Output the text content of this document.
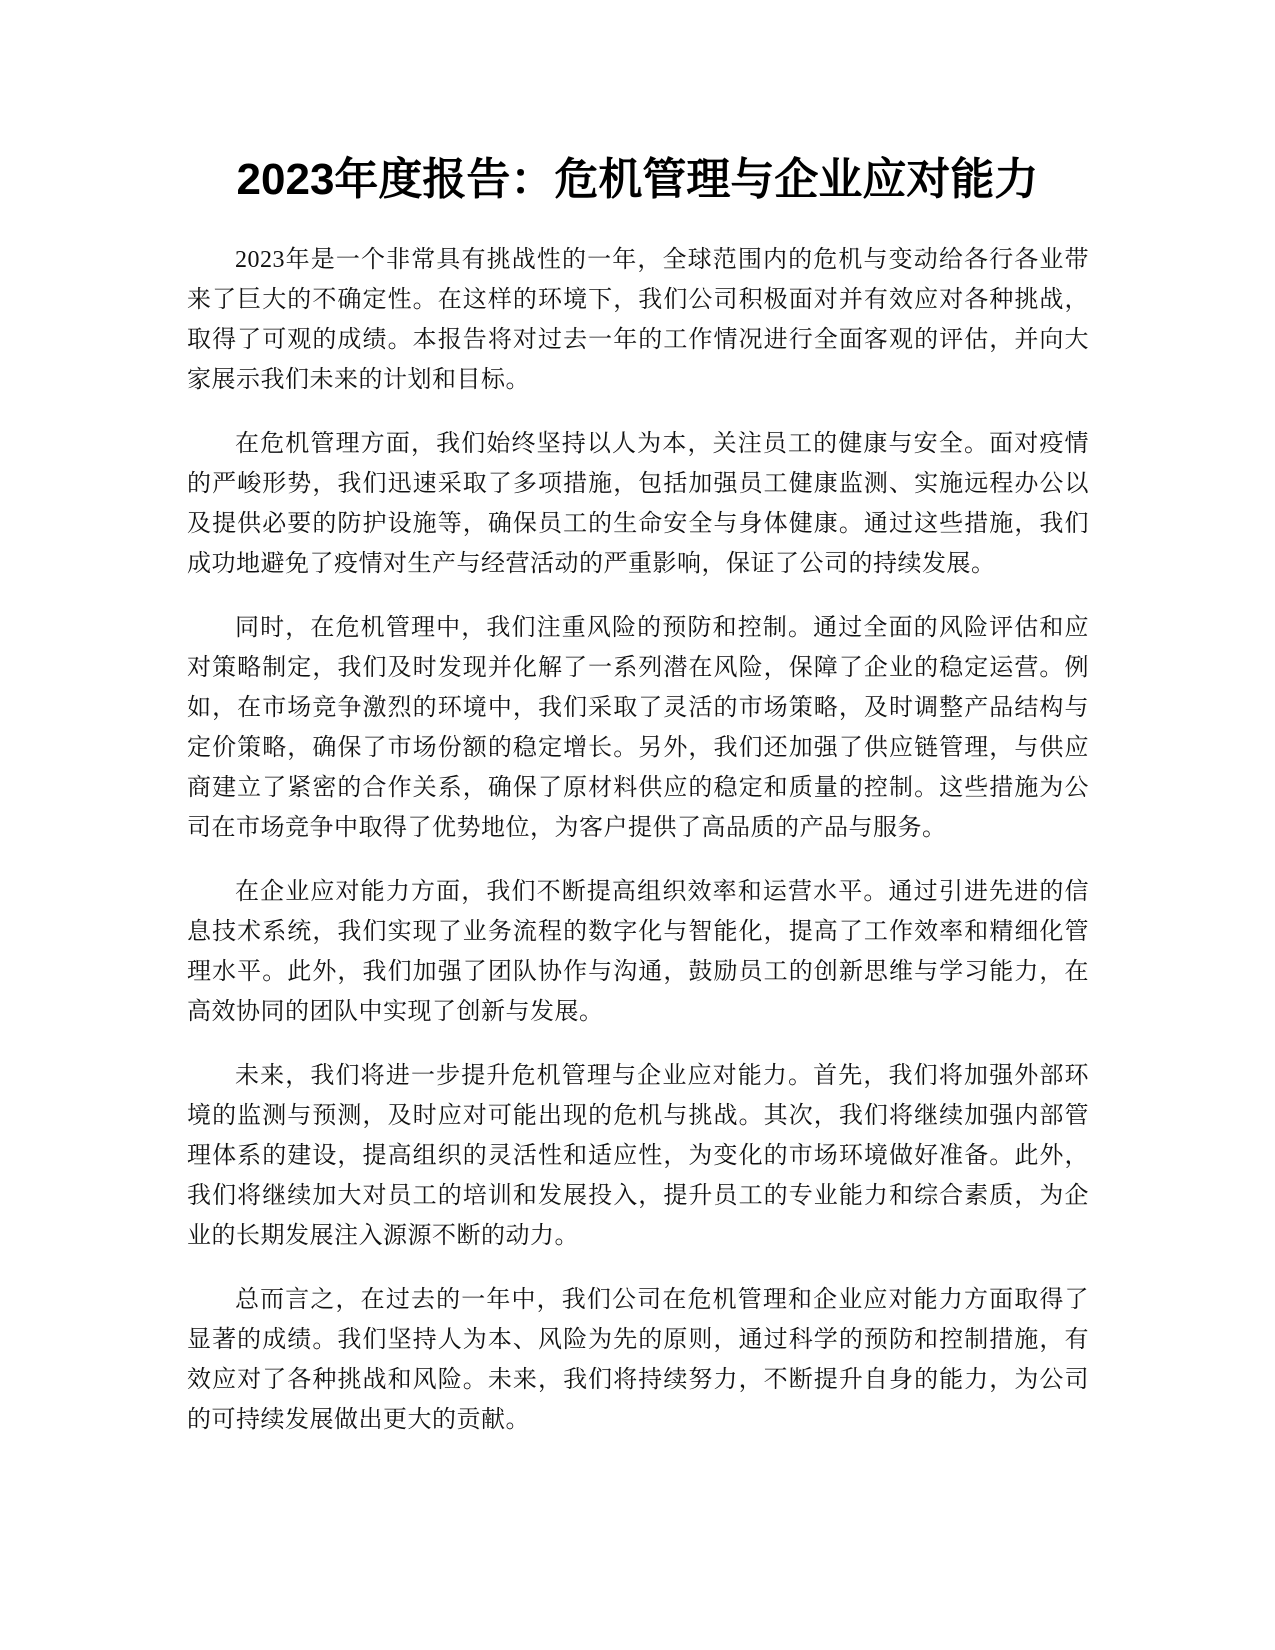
2023年度报告：危机管理与企业应对能力

2023年是一个非常具有挑战性的一年，全球范围内的危机与变动给各行各业带来了巨大的不确定性。在这样的环境下，我们公司积极面对并有效应对各种挑战，取得了可观的成绩。本报告将对过去一年的工作情况进行全面客观的评估，并向大家展示我们未来的计划和目标。

在危机管理方面，我们始终坚持以人为本，关注员工的健康与安全。面对疫情的严峻形势，我们迅速采取了多项措施，包括加强员工健康监测、实施远程办公以及提供必要的防护设施等，确保员工的生命安全与身体健康。通过这些措施，我们成功地避免了疫情对生产与经营活动的严重影响，保证了公司的持续发展。

同时，在危机管理中，我们注重风险的预防和控制。通过全面的风险评估和应对策略制定，我们及时发现并化解了一系列潜在风险，保障了企业的稳定运营。例如，在市场竞争激烈的环境中，我们采取了灵活的市场策略，及时调整产品结构与定价策略，确保了市场份额的稳定增长。另外，我们还加强了供应链管理，与供应商建立了紧密的合作关系，确保了原材料供应的稳定和质量的控制。这些措施为公司在市场竞争中取得了优势地位，为客户提供了高品质的产品与服务。

在企业应对能力方面，我们不断提高组织效率和运营水平。通过引进先进的信息技术系统，我们实现了业务流程的数字化与智能化，提高了工作效率和精细化管理水平。此外，我们加强了团队协作与沟通，鼓励员工的创新思维与学习能力，在高效协同的团队中实现了创新与发展。

未来，我们将进一步提升危机管理与企业应对能力。首先，我们将加强外部环境的监测与预测，及时应对可能出现的危机与挑战。其次，我们将继续加强内部管理体系的建设，提高组织的灵活性和适应性，为变化的市场环境做好准备。此外，我们将继续加大对员工的培训和发展投入，提升员工的专业能力和综合素质，为企业的长期发展注入源源不断的动力。

总而言之，在过去的一年中，我们公司在危机管理和企业应对能力方面取得了显著的成绩。我们坚持人为本、风险为先的原则，通过科学的预防和控制措施，有效应对了各种挑战和风险。未来，我们将持续努力，不断提升自身的能力，为公司的可持续发展做出更大的贡献。
